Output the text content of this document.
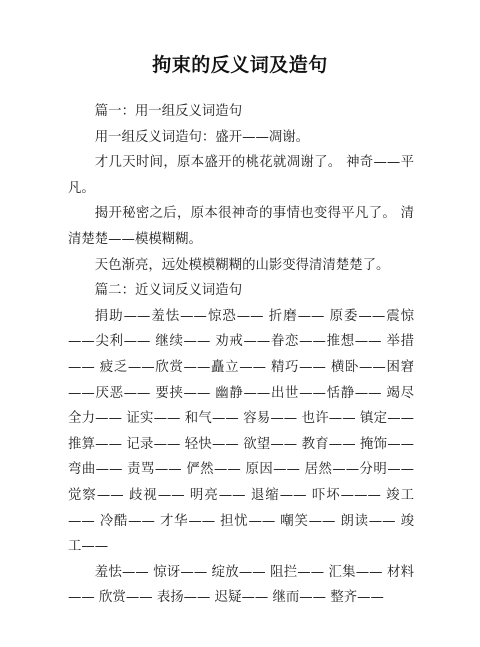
拘束的反义词及造句

篇一：用一组反义词造句

用一组反义词造句：盛开——凋谢。

才几天时间，原本盛开的桃花就凋谢了。 神奇——平凡。

揭开秘密之后，原本很神奇的事情也变得平凡了。 清清楚楚——模模糊糊。

天色渐亮，远处模模糊糊的山影变得清清楚楚了。

篇二：近义词反义词造句

捐助——羞怯——惊恐—— 折磨—— 原委——震惊——尖利—— 继续—— 劝戒——眷恋——推想—— 举措—— 疲乏——欣赏——矗立—— 精巧—— 横卧——困窘——厌恶—— 要挟—— 幽静——出世——恬静—— 竭尽全力—— 证实—— 和气—— 容易—— 也许—— 镇定—— 推算—— 记录—— 轻快—— 欲望—— 教育—— 掩饰—— 弯曲—— 责骂—— 俨然—— 原因—— 居然——分明—— 觉察—— 歧视—— 明亮—— 退缩—— 吓坏——— 竣工—— 冷酷—— 才华—— 担忧—— 嘲笑—— 朗读—— 竣工——

羞怯—— 惊讶—— 绽放—— 阻拦—— 汇集—— 材料—— 欣赏—— 表扬—— 迟疑—— 继而—— 整齐——
